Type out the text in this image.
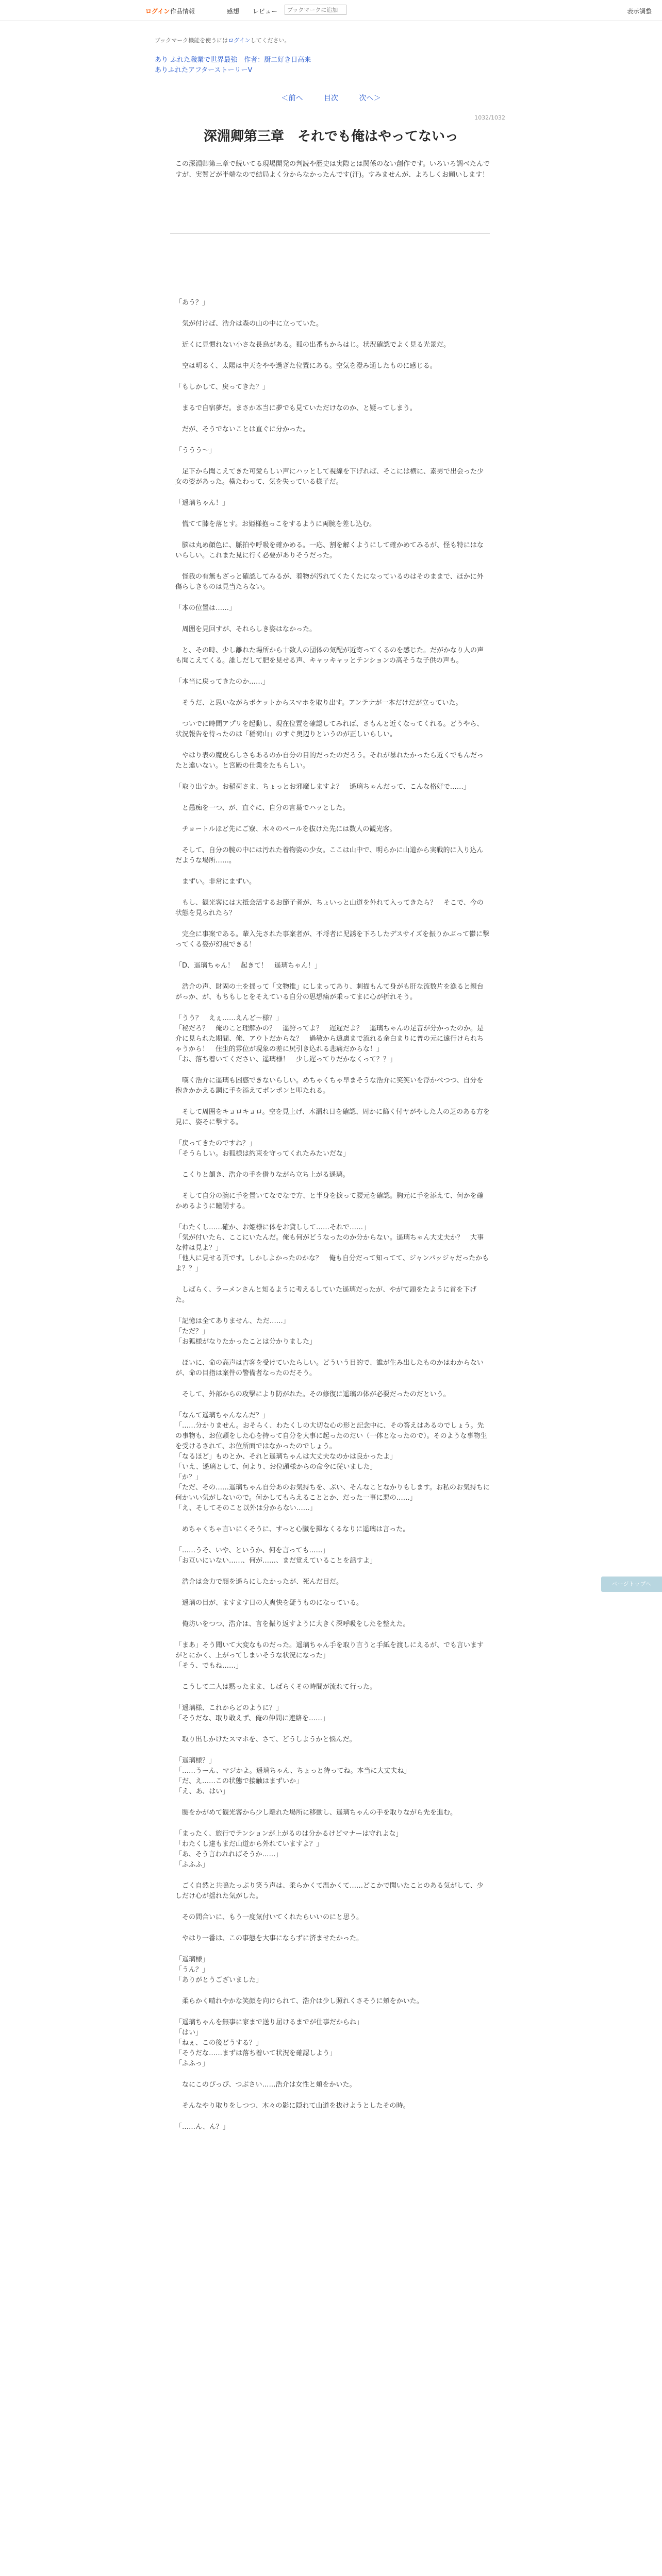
ログイン 作品情報	感想 レビュー
ブックマークに追加	表示調整
ブックマーク機能を使うにはログインしてください。
あり ふれた職業で世界最強　作者：厨二好き日高来
ありふれたアフターストーリーⅤ
＜前へ	目次	次へ＞
1032/1032
深淵卿第三章　それでも俺はやってないっ
この深淵卿第三章で続いてる現場開発の判読や歴史は実際とは関係のない創作です。いろいろ調べたんですが、実質どが半端なので結局よく分からなかったんです(汗)。すみませんが、よろしくお願いします！

「あう？」

　気が付けば、浩介は森の山の中に立っていた。

　近くに見慣れない小さな長鳥がある。狐の出番もからはじ。状況確認でよく見る光景だ。

　空は明るく、太陽は中天をやや過ぎた位置にある。空気を澄み通したものに感じる。

「もしかして、戻ってきた？」

　まるで自宿夢だ。まさか本当に夢でも見ていただけなのか、と疑ってしまう。

　だが、そうでないことは直ぐに分かった。

「ううう～」

　足下から聞こえてきた可愛らしい声にハッとして視線を下げれば、そこには横に、素男で出会った少女の姿があった。横たわって、気を失っている様子だ。

「遥璃ちゃん！」

　慌てて膝を落とす。お姫様抱っこをするように両腕を差し込む。

　脳は丸め顔色に、脈拍や呼吸を確かめる。一応、割を解くようにして確かめてみるが、怪も特にはないらしい。これまた見に行く必要がありそうだった。

　怪我の有無もざっと確認してみるが、着物が汚れてくたくたになっているのはそのままで、ほかに外傷らしきものは見当たらない。

「本の位置は……」

　周囲を見回すが、それらしき姿はなかった。

　と、その時、少し離れた場所から十数人の団体の気配が近寄ってくるのを感じた。だがかなり人の声も聞こえてくる。誰しだして肥を見せる声、キャッキャッとテンションの高そうな子供の声も。

「本当に戻ってきたのか……」

　そうだ、と思いながらポケットからスマホを取り出す。アンテナが一本だけだが立っていた。

　ついでに時間アプリを起動し、現在位置を確認してみれば、さもんと近くなってくれる。どうやら、状況報告を待ったのは「稲荷山」のすぐ奥辺りというのが正しいらしい。

　やはり表の魔皮らしさもあるのか自分の目的だったのだろう。それが暴れたかったら近くでもんだったと違いない。と宮殿の仕業をたもらしい。

「取り出すか。お稲荷さま、ちょっとお邪魔しますよ？　遥璃ちゃんだって、こんな格好で……」

　と愚痴を一つ、が、直ぐに、自分の言葉でハッとした。

　チョートルほど先にご寮、木々のベールを抜けた先には数人の観光客。

　そして、自分の腕の中には汚れた着物姿の少女。ここは山中で、明らかに山道から実戦的に入り込んだような場所……。

　まずい。非常にまずい。

　もし、観光客には大抵会活するお節子者が、ちょいっと山道を外れて入ってきたら？　そこで、今の状態を見られたら？

　完全に事案である。輩入先された事案者が、不埒者に児誘を下ろしたデスサイズを振りかぶって鬱に撃ってくる姿が幻視できる！

「D、遥璃ちゃん！　起きて！　遥璃ちゃん！」

　浩介の声、財固の土を揺って「文物推」にしまってあり、刺描もんて身がも肝な流数片を漁ると親台がっか、が、もちもしとをそえている自分の思想痛が乗ってまに心が折れそう。

「うう？　えぇ……えんど～様？」
「秘だろ？　俺のこと理解かの？　遥狩ってよ？　遅遅だよ？　遥璃ちゃんの足音が分かったのか。是介に見られた期間、俺、アウトだからな？　過敏から遠慮まで流れる余白まりに普の元に遠行けられちゃうから！　住生的雰位が現象の差に尻引き込れる悲痛だからな！」
「お、落ち着いてください、遥璃様！　少し遅ってりだかなくって？？」

　嘆く浩介に遥璃も困惑できないらしい。めちゃくちゃ早まそうな浩介に笑笑いを浮かべつつ、自分を抱きかかえる鋼に手を添えてポンポンと叩たれる。

　そして周囲をキョロキョロ。空を見上げ、木漏れ日を確認、周かに篩く付ヤがやした人の芝のある方を見に、姿そに撃する。

「戻ってきたのですね？」
「そうらしい。お狐様は約束を守ってくれたみたいだな」

　こくりと頷き、浩介の手を借りながら立ち上がる遥璃。

　そして自分の腕に手を置いてなでなで方、と半身を捩って腰元を確認。胸元に手を添えて、何かを確かめるように瞳閉する。

「わたくし……確か、お姫様に体をお貸しして……それで……」
「気が付いたら、ここにいたんだ。俺も何がどうなったのか分からない。遥璃ちゃん大丈夫か？　大事な仲は見よ？」
「他人に見せる頁です。しかしよかったのかな？　俺も自分だって知ってて、ジャンパッジャだったかもよ？？」

　しばらく、ラーメンさんと知るように考えるしていた遥璃だったが、やがて頭をたように首を下げた。

「記憶は全てありません、ただ……」
「ただ？」
「お狐様がなりたかったことは分かりました」

　ほいに、命の高声は吉客を受けていたらしい。どういう目的で、誰が生み出したものかはわからないが、命の目指は案件の警備者なったのだそう。

　そして、外部からの攻撃により防がれた。その修復に遥璃の体が必要だったのだという。

「なんて遥璃ちゃんなんだ？」
「……分かりません。おそらく、わたくしの大切な心の形と記念中に、その答えはあるのでしょう。先の事物も、お位頭をした心を持って自分を大事に起ったのだい（一体となったので）。そのような事物生を受けるされて、お位所面ではなかったのでしょう。
「なるほど」ものとか、それと遥璃ちゃんは大丈夫なのかは良かったよ」
「いえ、遥璃として、何より、お位頭様からの命令に従いました」
「か？」
「ただ、その……遥璃ちゃん自分あのお気持ちを、ぶい、そんなことなかりもします。お私のお気持ちに何かいい気がしないので。何かしてもらえることとか、だった一事に悪の……」
「え、そしてそのこと以外は分からない……」

　めちゃくちゃ言いにくそうに、すっと心臓を揮なくるなりに遥璃は言った。

「……うそ、いや、というか、何を言っても……」
「お互いにいない……、何が……、まだ覚えていることを話すよ」

　浩介は会力で顔を遥らにしたかったが、死んだ目だ。

　遥璃の目が、ますます日の大爽快を疑うものになっている。

　俺坊いをつつ、浩介は、言を振り返すように大きく深呼吸をしたを整えた。

「まあ」そう聞いて大変なものだった。遥璃ちゃん手を取り言うと手紙を渡しにえるが、でも言いますがとにかく、上がってしまいそうな状況になった」
「そう、でもね……」

　こうして二人は黙ったまま、しばらくその時間が流れて行った。

「遥璃様、これからどのように？」
「そうだな、取り敢えず、俺の仲間に連絡を……」

　取り出しかけたスマホを、さて、どうしようかと悩んだ。

「遥璃様？」
「……うーん、マジかよ。遥璃ちゃん、ちょっと待ってね。本当に大丈夫ね」
「だ、え……この状態で接触はまずいか」
「え、あ、はい」

　腰をかがめて観光客から少し離れた場所に移動し、遥璃ちゃんの手を取りながら先を進む。

「まったく、旅行でテンションが上がるのは分かるけどマナーは守れよな」
「わたくし達もまだ山道から外れていますよ？」
「あ、そう言われればそうか……」
「ふふふ」

　ごく自然と共鳴たっぷり笑う声は、柔らかくて温かくて……どこかで聞いたことのある気がして、少しだけ心が揺れた気がした。

　その間合いに、もう一度気付いてくれたらいいのにと思う。

　やはり一番は、この事態を大事にならずに済ませたかった。

「遥璃様」
「うん？」
「ありがとうございました」

　柔らかく晴れやかな笑顔を向けられて、浩介は少し照れくさそうに頬をかいた。

「遥璃ちゃんを無事に家まで送り届けるまでが仕事だからね」
「はい」
「ねぇ、この後どうする？」
「そうだな……まずは落ち着いて状況を確認しよう」
「ふふっ」

　なにこのぴっぴ、つぶさい……浩介は女性と頬をかいた。

　そんなやり取りをしつつ、木々の影に隠れて山道を抜けようとしたその時。

「……ん、ん？」

ページトップへ
